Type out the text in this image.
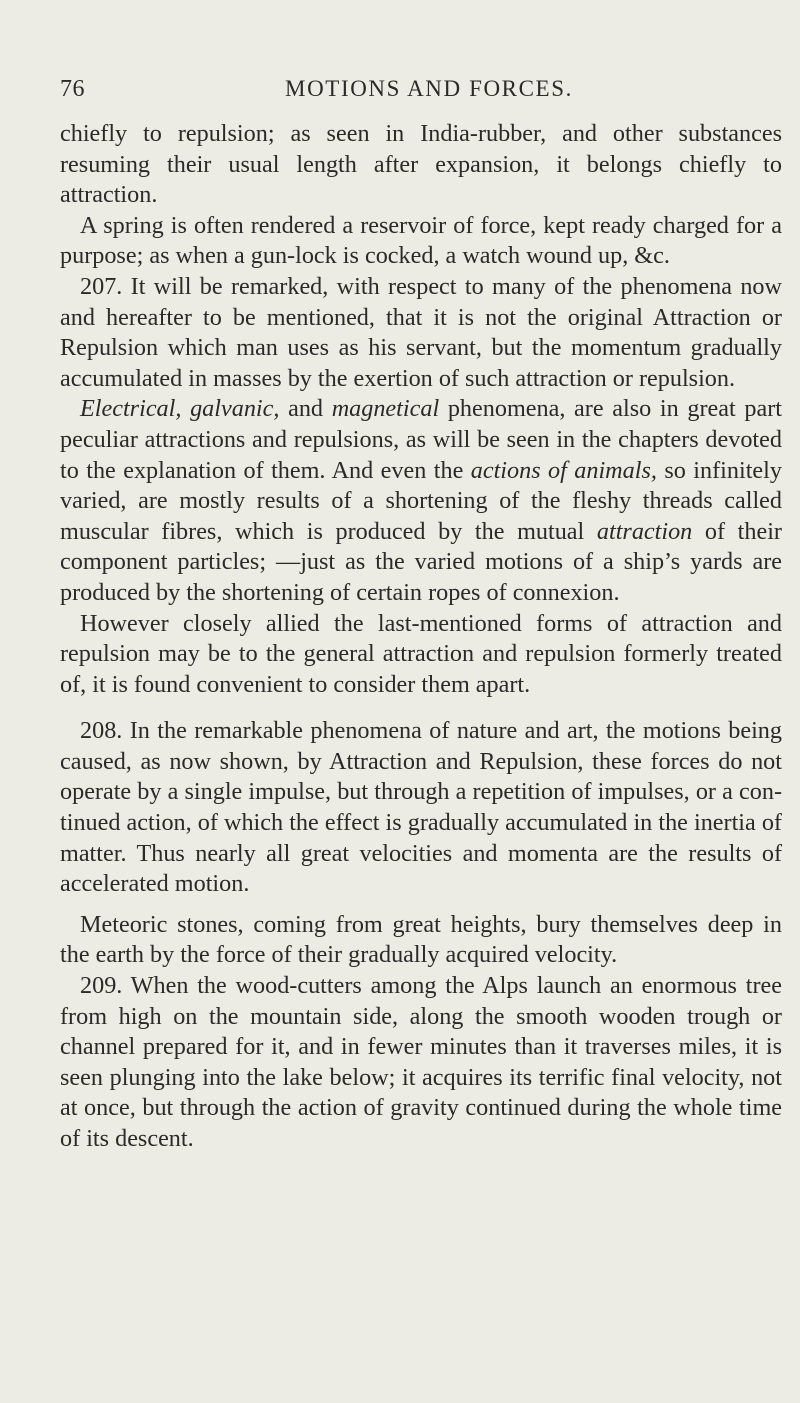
76	MOTIONS AND FORCES.

chiefly to repulsion; as seen in India-rubber, and other substances resuming their usual length after expansion, it belongs chiefly to attraction.

A spring is often rendered a reservoir of force, kept ready charged for a purpose; as when a gun-lock is cocked, a watch wound up, &c.

207. It will be remarked, with respect to many of the phenomena now and hereafter to be mentioned, that it is not the original Attraction or Repulsion which man uses as his servant, but the momentum gradually accumulated in masses by the exertion of such attraction or repulsion.

Electrical, galvanic, and magnetical phenomena, are also in great part peculiar attractions and repulsions, as will be seen in the chapters devoted to the explanation of them. And even the actions of animals, so infinitely varied, are mostly results of a shortening of the fleshy threads called muscular fibres, which is produced by the mutual attraction of their component particles; —just as the varied motions of a ship’s yards are produced by the shortening of certain ropes of connexion.

However closely allied the last-mentioned forms of attraction and repulsion may be to the general attraction and repulsion formerly treated of, it is found convenient to consider them apart.

208. In the remarkable phenomena of nature and art, the motions being caused, as now shown, by Attraction and Repulsion, these forces do not operate by a single impulse, but through a repetition of impulses, or a continued action, of which the effect is gradually accumulated in the inertia of matter. Thus nearly all great velocities and momenta are the results of accelerated motion.

Meteoric stones, coming from great heights, bury themselves deep in the earth by the force of their gradually acquired velocity.

209. When the wood-cutters among the Alps launch an enormous tree from high on the mountain side, along the smooth wooden trough or channel prepared for it, and in fewer minutes than it traverses miles, it is seen plunging into the lake below; it acquires its terrific final velocity, not at once, but through the action of gravity continued during the whole time of its descent.
